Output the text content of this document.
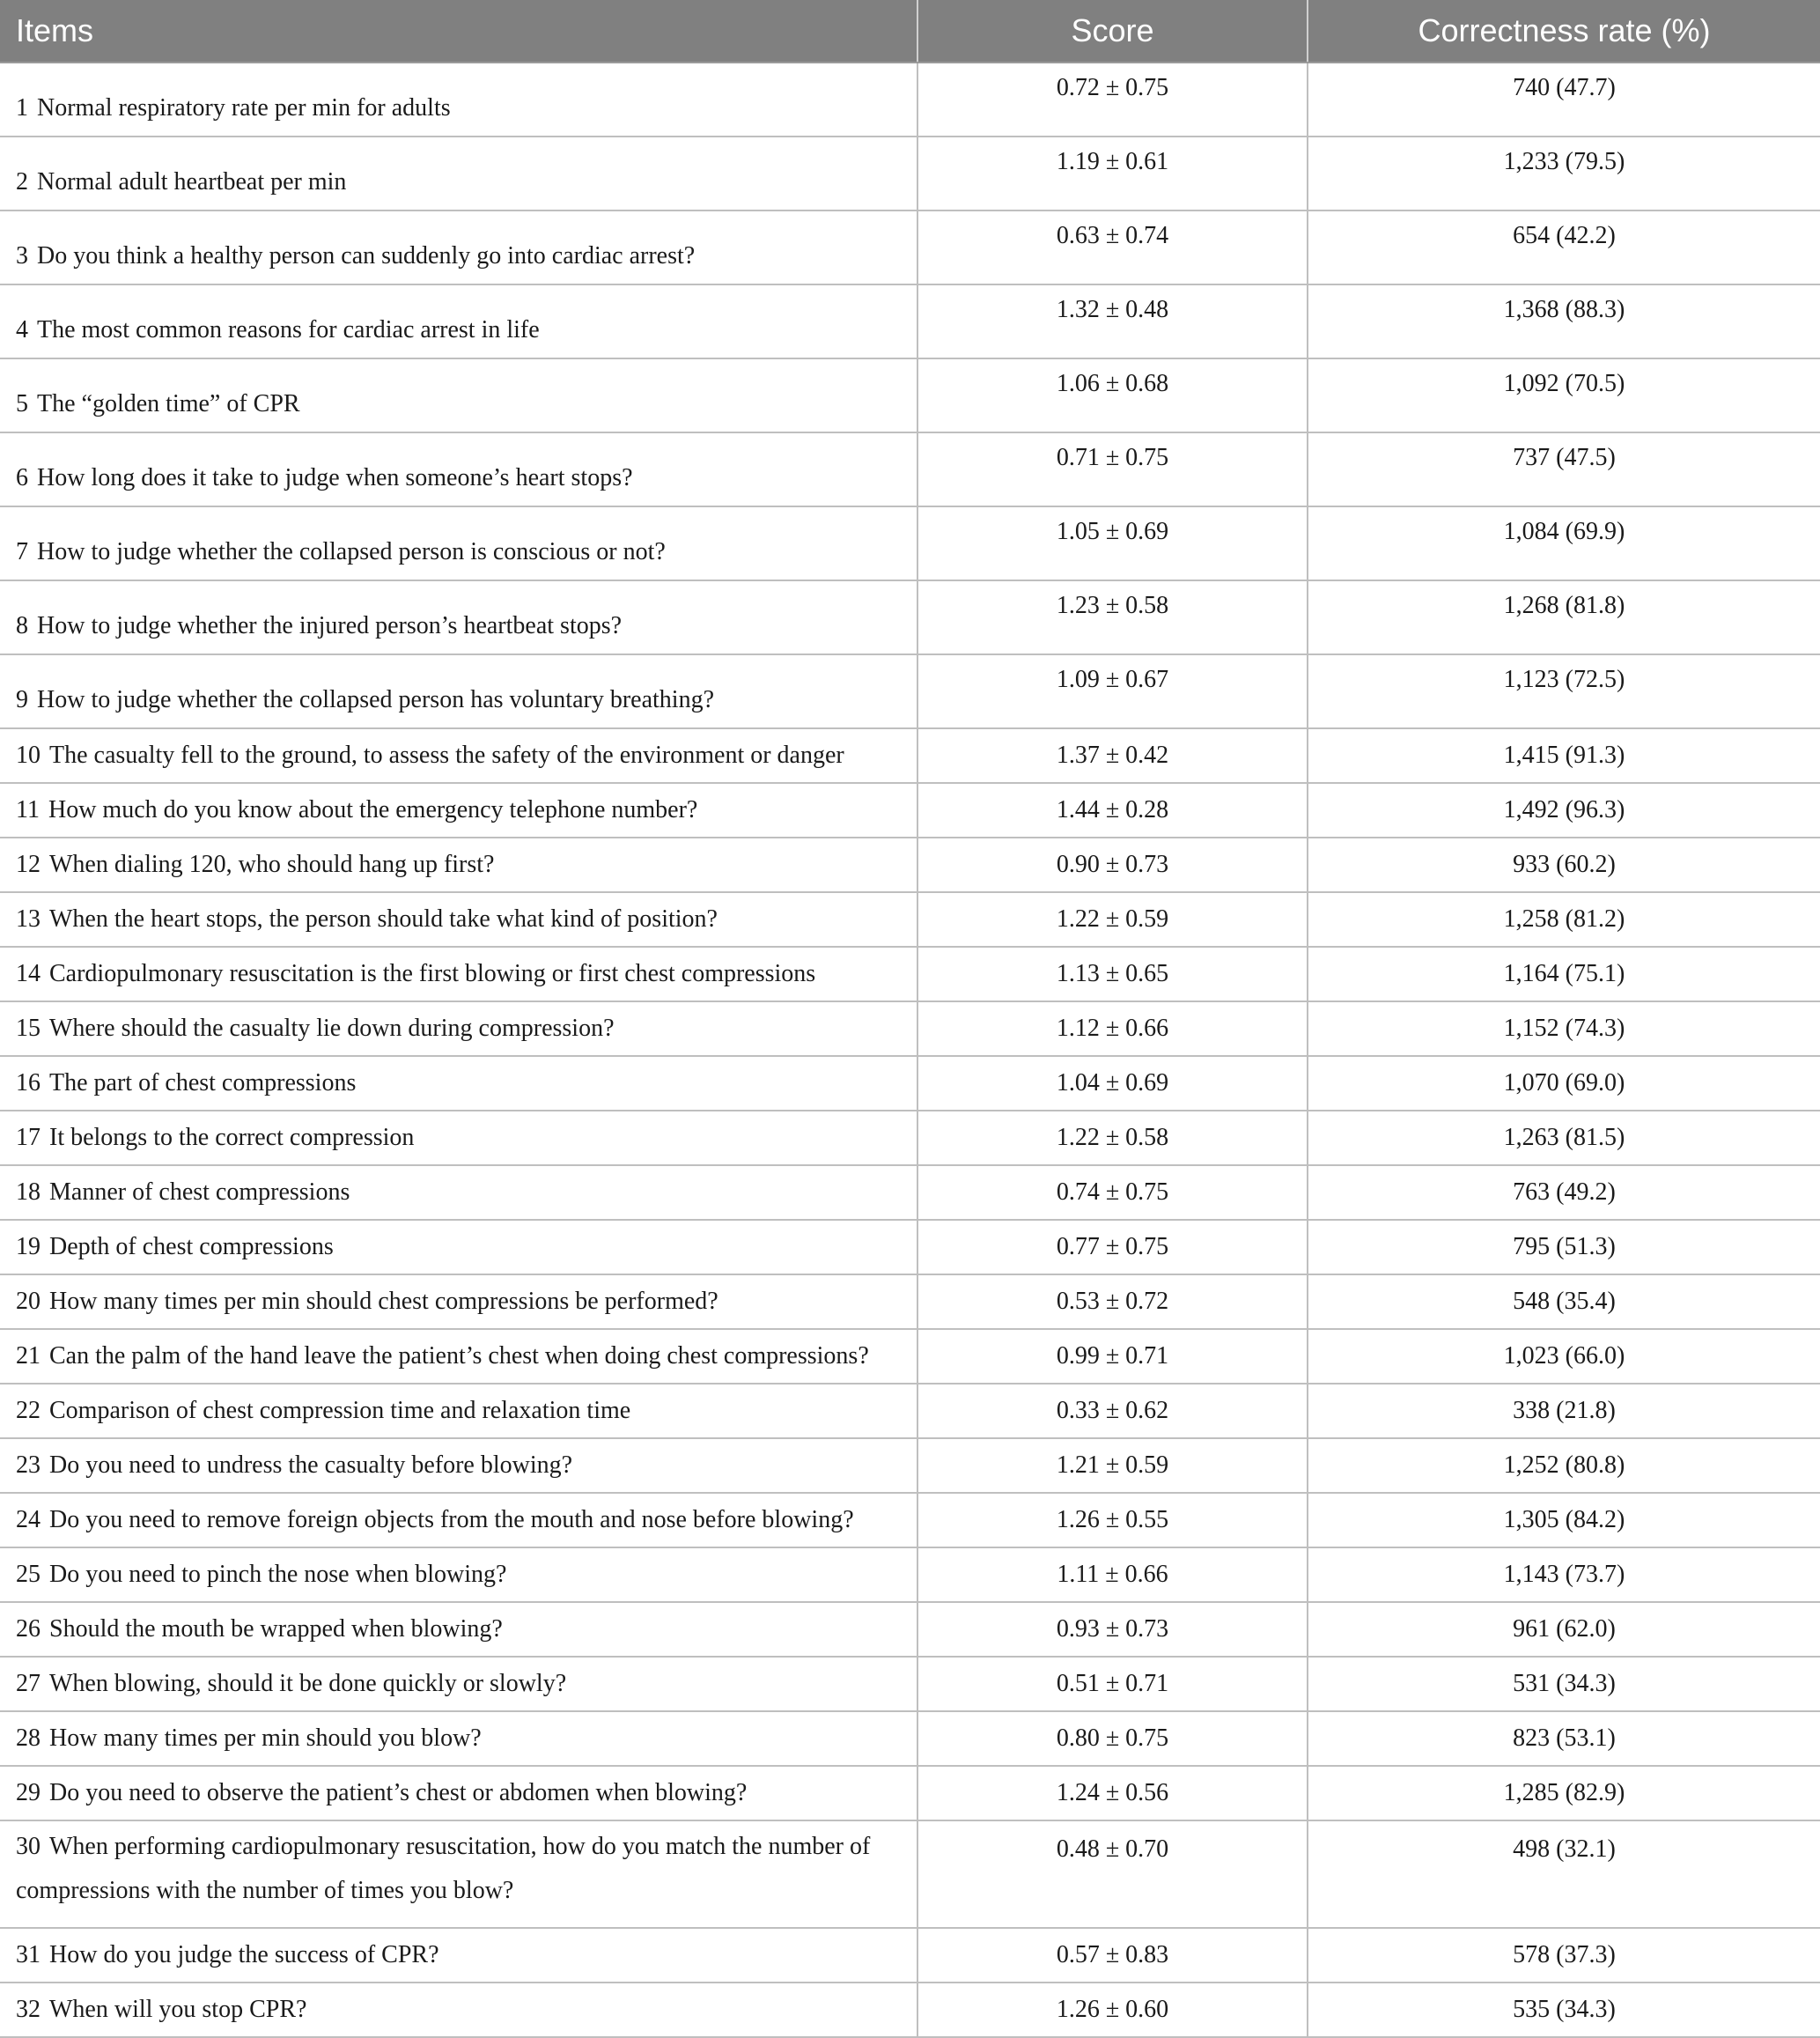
Items	Score	Correctness rate (%)
1 Normal respiratory rate per min for adults	0.72 ± 0.75	740 (47.7)
2 Normal adult heartbeat per min	1.19 ± 0.61	1,233 (79.5)
3 Do you think a healthy person can suddenly go into cardiac arrest?	0.63 ± 0.74	654 (42.2)
4 The most common reasons for cardiac arrest in life	1.32 ± 0.48	1,368 (88.3)
5 The “golden time” of CPR	1.06 ± 0.68	1,092 (70.5)
6 How long does it take to judge when someone’s heart stops?	0.71 ± 0.75	737 (47.5)
7 How to judge whether the collapsed person is conscious or not?	1.05 ± 0.69	1,084 (69.9)
8 How to judge whether the injured person’s heartbeat stops?	1.23 ± 0.58	1,268 (81.8)
9 How to judge whether the collapsed person has voluntary breathing?	1.09 ± 0.67	1,123 (72.5)
10 The casualty fell to the ground, to assess the safety of the environment or danger	1.37 ± 0.42	1,415 (91.3)
11 How much do you know about the emergency telephone number?	1.44 ± 0.28	1,492 (96.3)
12 When dialing 120, who should hang up first?	0.90 ± 0.73	933 (60.2)
13 When the heart stops, the person should take what kind of position?	1.22 ± 0.59	1,258 (81.2)
14 Cardiopulmonary resuscitation is the first blowing or first chest compressions	1.13 ± 0.65	1,164 (75.1)
15 Where should the casualty lie down during compression?	1.12 ± 0.66	1,152 (74.3)
16 The part of chest compressions	1.04 ± 0.69	1,070 (69.0)
17 It belongs to the correct compression	1.22 ± 0.58	1,263 (81.5)
18 Manner of chest compressions	0.74 ± 0.75	763 (49.2)
19 Depth of chest compressions	0.77 ± 0.75	795 (51.3)
20 How many times per min should chest compressions be performed?	0.53 ± 0.72	548 (35.4)
21 Can the palm of the hand leave the patient’s chest when doing chest compressions?	0.99 ± 0.71	1,023 (66.0)
22 Comparison of chest compression time and relaxation time	0.33 ± 0.62	338 (21.8)
23 Do you need to undress the casualty before blowing?	1.21 ± 0.59	1,252 (80.8)
24 Do you need to remove foreign objects from the mouth and nose before blowing?	1.26 ± 0.55	1,305 (84.2)
25 Do you need to pinch the nose when blowing?	1.11 ± 0.66	1,143 (73.7)
26 Should the mouth be wrapped when blowing?	0.93 ± 0.73	961 (62.0)
27 When blowing, should it be done quickly or slowly?	0.51 ± 0.71	531 (34.3)
28 How many times per min should you blow?	0.80 ± 0.75	823 (53.1)
29 Do you need to observe the patient’s chest or abdomen when blowing?	1.24 ± 0.56	1,285 (82.9)
30 When performing cardiopulmonary resuscitation, how do you match the number of compressions with the number of times you blow?	0.48 ± 0.70	498 (32.1)
31 How do you judge the success of CPR?	0.57 ± 0.83	578 (37.3)
32 When will you stop CPR?	1.26 ± 0.60	535 (34.3)
